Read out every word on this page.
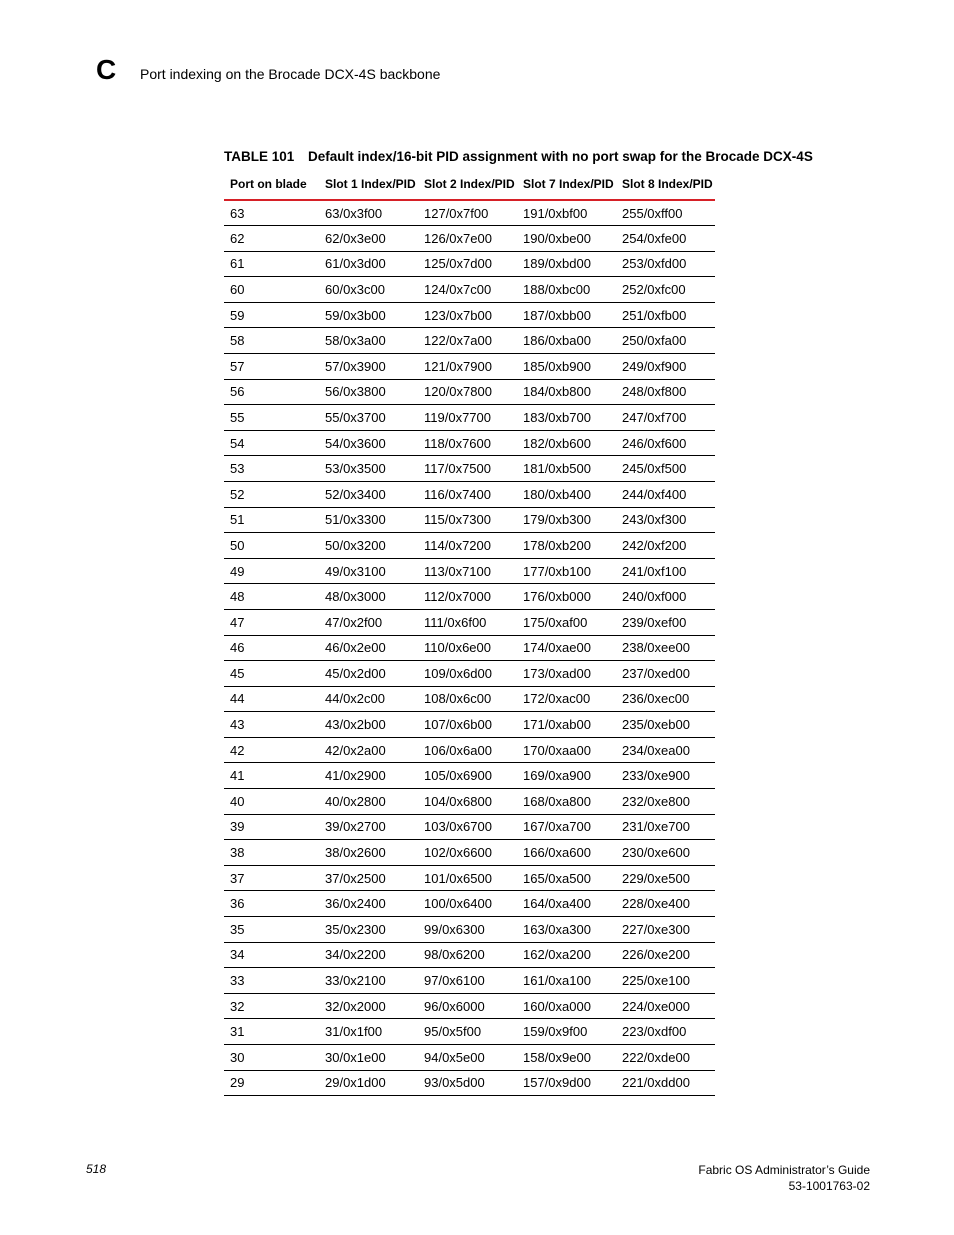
C Port indexing on the Brocade DCX-4S backbone
TABLE 101 Default index/16-bit PID assignment with no port swap for the Brocade DCX-4S
Port on blade	Slot 1 Index/PID	Slot 2 Index/PID	Slot 7 Index/PID	Slot 8 Index/PID
63	63/0x3f00	127/0x7f00	191/0xbf00	255/0xff00
62	62/0x3e00	126/0x7e00	190/0xbe00	254/0xfe00
61	61/0x3d00	125/0x7d00	189/0xbd00	253/0xfd00
60	60/0x3c00	124/0x7c00	188/0xbc00	252/0xfc00
59	59/0x3b00	123/0x7b00	187/0xbb00	251/0xfb00
58	58/0x3a00	122/0x7a00	186/0xba00	250/0xfa00
57	57/0x3900	121/0x7900	185/0xb900	249/0xf900
56	56/0x3800	120/0x7800	184/0xb800	248/0xf800
55	55/0x3700	119/0x7700	183/0xb700	247/0xf700
54	54/0x3600	118/0x7600	182/0xb600	246/0xf600
53	53/0x3500	117/0x7500	181/0xb500	245/0xf500
52	52/0x3400	116/0x7400	180/0xb400	244/0xf400
51	51/0x3300	115/0x7300	179/0xb300	243/0xf300
50	50/0x3200	114/0x7200	178/0xb200	242/0xf200
49	49/0x3100	113/0x7100	177/0xb100	241/0xf100
48	48/0x3000	112/0x7000	176/0xb000	240/0xf000
47	47/0x2f00	111/0x6f00	175/0xaf00	239/0xef00
46	46/0x2e00	110/0x6e00	174/0xae00	238/0xee00
45	45/0x2d00	109/0x6d00	173/0xad00	237/0xed00
44	44/0x2c00	108/0x6c00	172/0xac00	236/0xec00
43	43/0x2b00	107/0x6b00	171/0xab00	235/0xeb00
42	42/0x2a00	106/0x6a00	170/0xaa00	234/0xea00
41	41/0x2900	105/0x6900	169/0xa900	233/0xe900
40	40/0x2800	104/0x6800	168/0xa800	232/0xe800
39	39/0x2700	103/0x6700	167/0xa700	231/0xe700
38	38/0x2600	102/0x6600	166/0xa600	230/0xe600
37	37/0x2500	101/0x6500	165/0xa500	229/0xe500
36	36/0x2400	100/0x6400	164/0xa400	228/0xe400
35	35/0x2300	99/0x6300	163/0xa300	227/0xe300
34	34/0x2200	98/0x6200	162/0xa200	226/0xe200
33	33/0x2100	97/0x6100	161/0xa100	225/0xe100
32	32/0x2000	96/0x6000	160/0xa000	224/0xe000
31	31/0x1f00	95/0x5f00	159/0x9f00	223/0xdf00
30	30/0x1e00	94/0x5e00	158/0x9e00	222/0xde00
29	29/0x1d00	93/0x5d00	157/0x9d00	221/0xdd00
518	Fabric OS Administrator’s Guide
53-1001763-02
